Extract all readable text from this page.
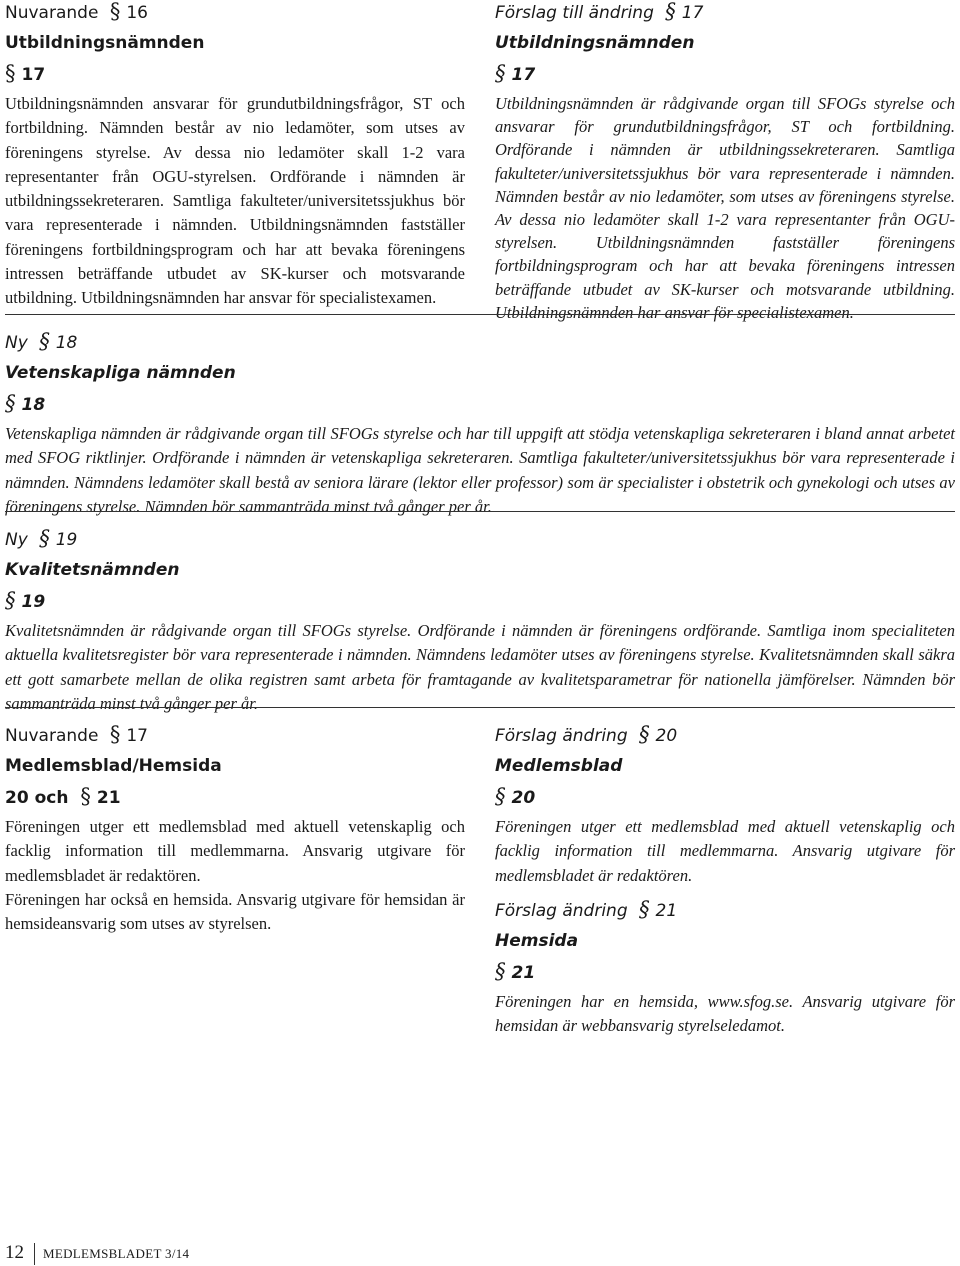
Nuvarande § 16

Utbildningsnämnden

§ 17

Utbildningsnämnden ansvarar för grundutbildningsfrågor, ST och fortbildning. Nämnden består av nio ledamöter, som utses av föreningens styrelse. Av dessa nio ledamöter skall 1-2 vara representanter från OGU-styrelsen. Ordförande i nämnden är utbildningssekreteraren. Samtliga fakulteter/universitetssjukhus bör vara representerade i nämnden. Utbildningsnämnden fastställer föreningens fortbildningsprogram och har att bevaka föreningens intressen beträffande utbudet av SK-kurser och motsvarande utbildning. Utbildningsnämnden har ansvar för specialistexamen.

Förslag till ändring § 17

Utbildningsnämnden

§ 17

Utbildningsnämnden är rådgivande organ till SFOGs styrelse och ansvarar för grundutbildningsfrågor, ST och fortbildning. Ordförande i nämnden är utbildningssekreteraren. Samtliga fakulteter/universitetssjukhus bör vara representerade i nämnden. Nämnden består av nio ledamöter, som utses av föreningens styrelse. Av dessa nio ledamöter skall 1-2 vara representanter från OGU-styrelsen. Utbildningsnämnden fastställer föreningens fortbildningsprogram och har att bevaka föreningens intressen beträffande utbudet av SK-kurser och motsvarande utbildning. Utbildningsnämnden har ansvar för specialistexamen.

Ny § 18

Vetenskapliga nämnden

§ 18

Vetenskapliga nämnden är rådgivande organ till SFOGs styrelse och har till uppgift att stödja vetenskapliga sekreteraren i bland annat arbetet med SFOG riktlinjer. Ordförande i nämnden är vetenskapliga sekreteraren. Samtliga fakulteter/universitetssjukhus bör vara representerade i nämnden. Nämndens ledamöter skall bestå av seniora lärare (lektor eller professor) som är specialister i obstetrik och gynekologi och utses av föreningens styrelse. Nämnden bör sammanträda minst två gånger per år.

Ny § 19

Kvalitetsnämnden

§ 19

Kvalitetsnämnden är rådgivande organ till SFOGs styrelse. Ordförande i nämnden är föreningens ordförande. Samtliga inom specialiteten aktuella kvalitetsregister bör vara representerade i nämnden. Nämndens ledamöter utses av föreningens styrelse. Kvalitetsnämnden skall säkra ett gott samarbete mellan de olika registren samt arbeta för framtagande av kvalitetsparametrar för nationella jämförelser. Nämnden bör sammanträda minst två gånger per år.

Nuvarande § 17

Medlemsblad/Hemsida

20 och § 21

Föreningen utger ett medlemsblad med aktuell vetenskaplig och facklig information till medlemmarna. Ansvarig utgivare för medlemsbladet är redaktören.

Föreningen har också en hemsida. Ansvarig utgivare för hemsidan är hemsideansvarig som utses av styrelsen.

Förslag ändring § 20

Medlemsblad

§ 20

Föreningen utger ett medlemsblad med aktuell vetenskaplig och facklig information till medlemmarna. Ansvarig utgivare för medlemsbladet är redaktören.

Förslag ändring § 21

Hemsida

§ 21

Föreningen har en hemsida, www.sfog.se. Ansvarig utgivare för hemsidan är webbansvarig styrelseledamot.

12 MEDLEMSBLADET 3/14
